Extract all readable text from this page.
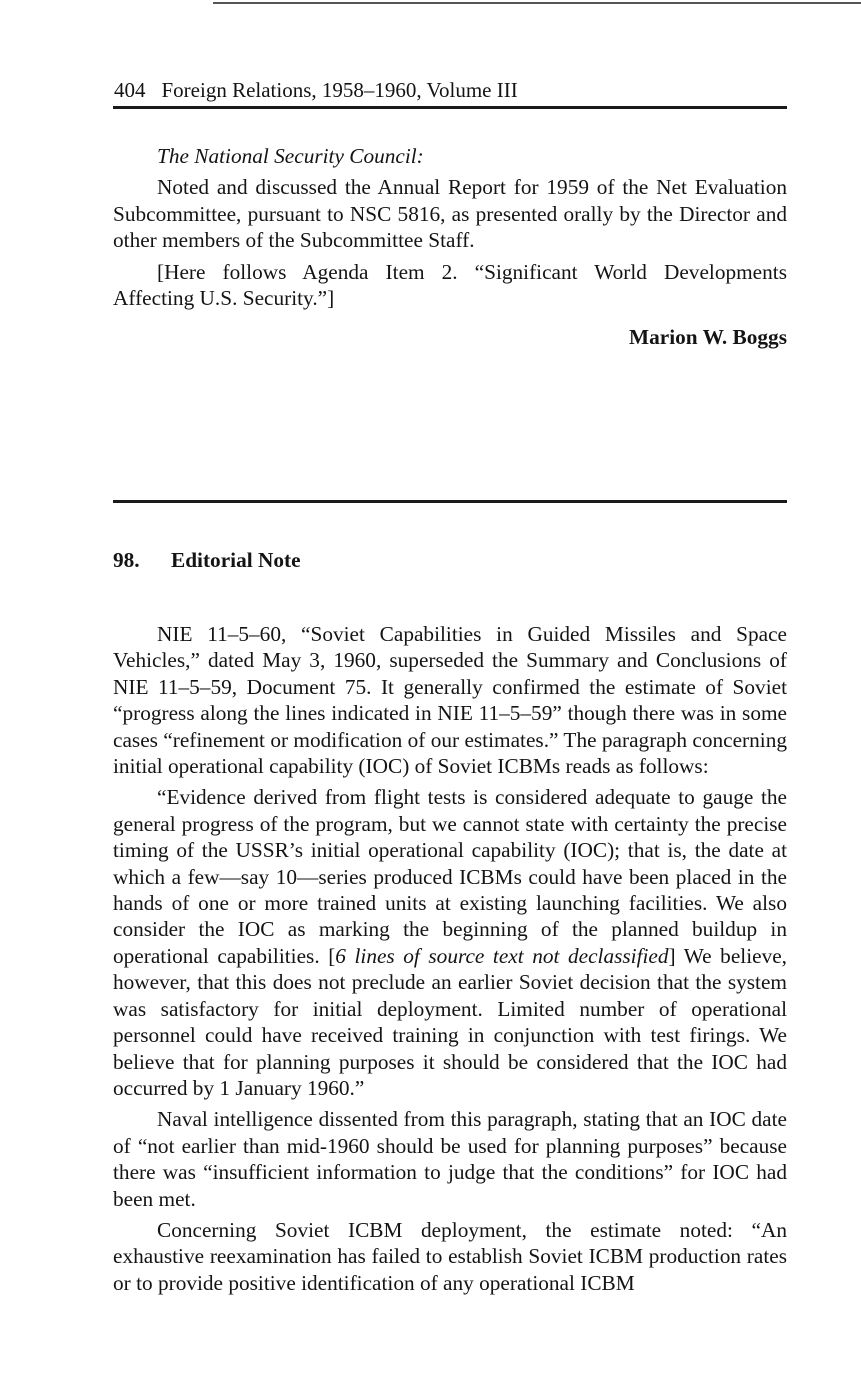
404 Foreign Relations, 1958–1960, Volume III

The National Security Council:

Noted and discussed the Annual Report for 1959 of the Net Evaluation Subcommittee, pursuant to NSC 5816, as presented orally by the Director and other members of the Subcommittee Staff.

[Here follows Agenda Item 2. “Significant World Developments Affecting U.S. Security.”]

Marion W. Boggs
98. Editorial Note

NIE 11–5–60, “Soviet Capabilities in Guided Missiles and Space Vehicles,” dated May 3, 1960, superseded the Summary and Conclusions of NIE 11–5–59, Document 75. It generally confirmed the estimate of Soviet “progress along the lines indicated in NIE 11–5–59” though there was in some cases “refinement or modification of our estimates.” The paragraph concerning initial operational capability (IOC) of Soviet ICBMs reads as follows:

“Evidence derived from flight tests is considered adequate to gauge the general progress of the program, but we cannot state with certainty the precise timing of the USSR’s initial operational capability (IOC); that is, the date at which a few—say 10—series produced ICBMs could have been placed in the hands of one or more trained units at existing launching facilities. We also consider the IOC as marking the beginning of the planned buildup in operational capabilities. [6 lines of source text not declassified] We believe, however, that this does not preclude an earlier Soviet decision that the system was satisfactory for initial deployment. Limited number of operational personnel could have received training in conjunction with test firings. We believe that for planning purposes it should be considered that the IOC had occurred by 1 January 1960.”

Naval intelligence dissented from this paragraph, stating that an IOC date of “not earlier than mid-1960 should be used for planning purposes” because there was “insufficient information to judge that the conditions” for IOC had been met.

Concerning Soviet ICBM deployment, the estimate noted: “An exhaustive reexamination has failed to establish Soviet ICBM production rates or to provide positive identification of any operational ICBM
